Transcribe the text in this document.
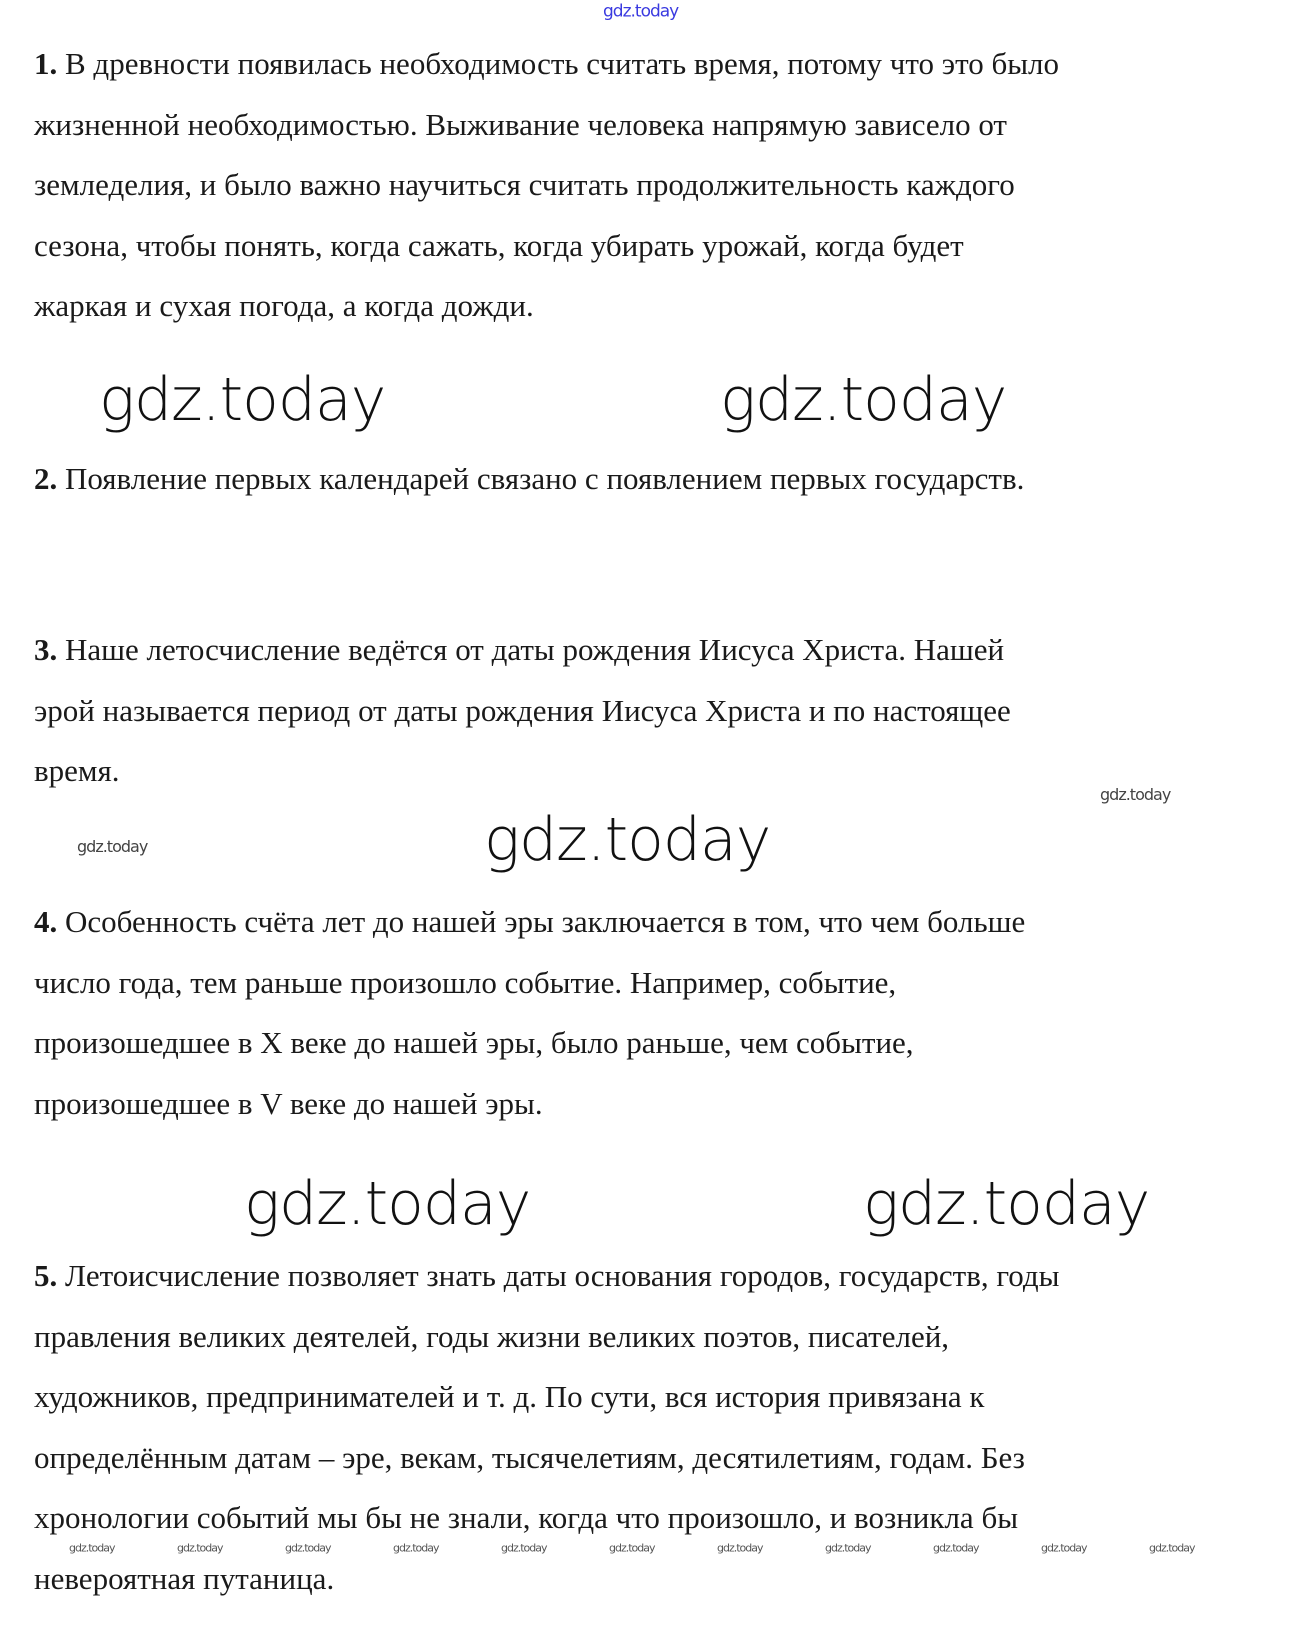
gdz.today
1. В древности появилась необходимость считать время, потому что это было
жизненной необходимостью. Выживание человека напрямую зависело от
земледелия, и было важно научиться считать продолжительность каждого
сезона, чтобы понять, когда сажать, когда убирать урожай, когда будет
жаркая и сухая погода, а когда дожди.
2. Появление первых календарей связано с появлением первых государств.
3. Наше летосчисление ведётся от даты рождения Иисуса Христа. Нашей
эрой называется период от даты рождения Иисуса Христа и по настоящее
время.
4. Особенность счёта лет до нашей эры заключается в том, что чем больше
число года, тем раньше произошло событие. Например, событие,
произошедшее в X веке до нашей эры, было раньше, чем событие,
произошедшее в V веке до нашей эры.
5. Летоисчисление позволяет знать даты основания городов, государств, годы
правления великих деятелей, годы жизни великих поэтов, писателей,
художников, предпринимателей и т. д. По сути, вся история привязана к
определённым датам – эре, векам, тысячелетиям, десятилетиям, годам. Без
хронологии событий мы бы не знали, когда что произошло, и возникла бы
невероятная путаница.
gdz.today	gdz.today
gdz.today
gdz.today	gdz.today
gdz.today
gdz.today
gdz.today	gdz.today	gdz.today	gdz.today	gdz.today	gdz.today	gdz.today	gdz.today	gdz.today	gdz.today	gdz.today
